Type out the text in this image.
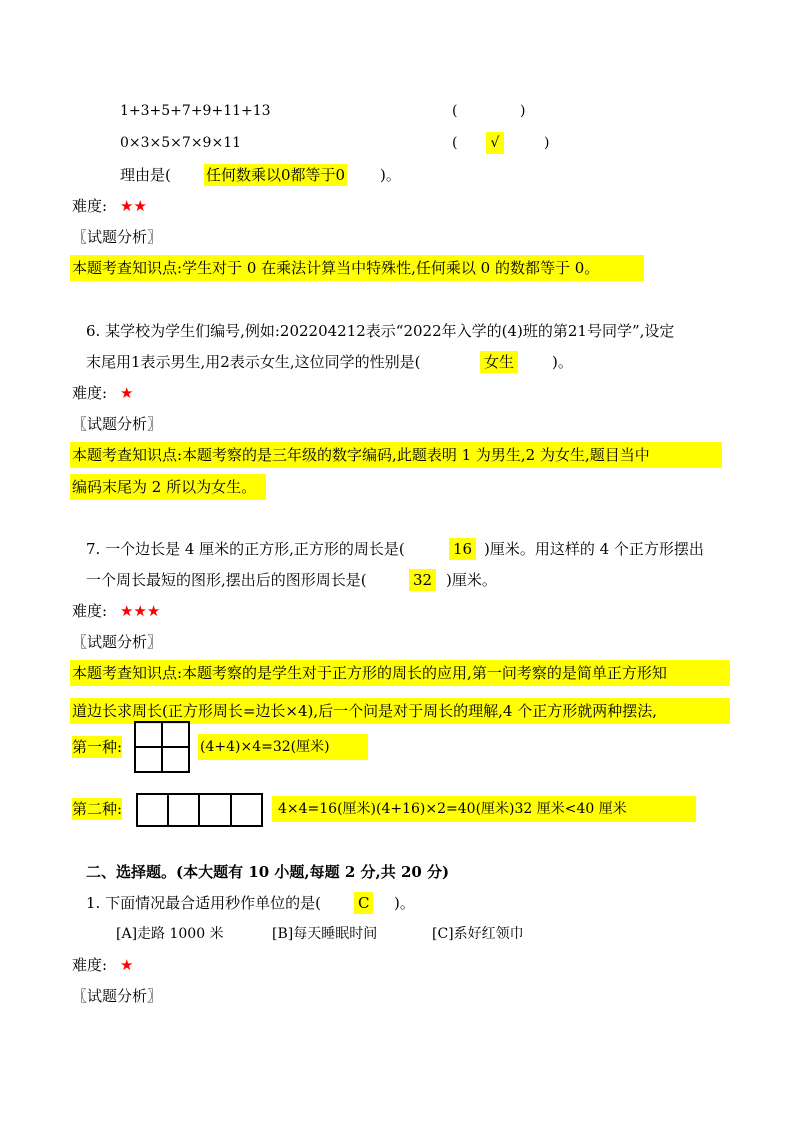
1+3+5+7+9+11+13	(	)
0×3×5×7×9×11	(	√	)
理由是( 任何数乘以0都等于0 )。
难度: ★★
〖试题分析〗
本题考查知识点:学生对于 0 在乘法计算当中特殊性,任何乘以 0 的数都等于 0。
6. 某学校为学生们编号,例如:202204212表示“2022年入学的(4)班的第21号同学”,设定
末尾用1表示男生,用2表示女生,这位同学的性别是(	女生	)。
难度: ★
〖试题分析〗
本题考查知识点:本题考察的是三年级的数字编码,此题表明 1 为男生,2 为女生,题目当中
编码末尾为 2 所以为女生。
7. 一个边长是 4 厘米的正方形,正方形的周长是(	16 )厘米。用这样的 4 个正方形摆出
一个周长最短的图形,摆出后的图形周长是(	32 )厘米。
难度: ★★★
〖试题分析〗
本题考查知识点:本题考察的是学生对于正方形的周长的应用,第一问考察的是简单正方形知
道边长求周长(正方形周长=边长×4),后一个问是对于周长的理解,4 个正方形就两种摆法,
第一种:	(4+4)×4=32(厘米)
第二种:	4×4=16(厘米)(4+16)×2=40(厘米)32 厘米<40 厘米
二、选择题。(本大题有 10 小题,每题 2 分,共 20 分)
1. 下面情况最合适用秒作单位的是( C )。
[A]走路 1000 米	[B]每天睡眠时间	[C]系好红领巾
难度: ★
〖试题分析〗
